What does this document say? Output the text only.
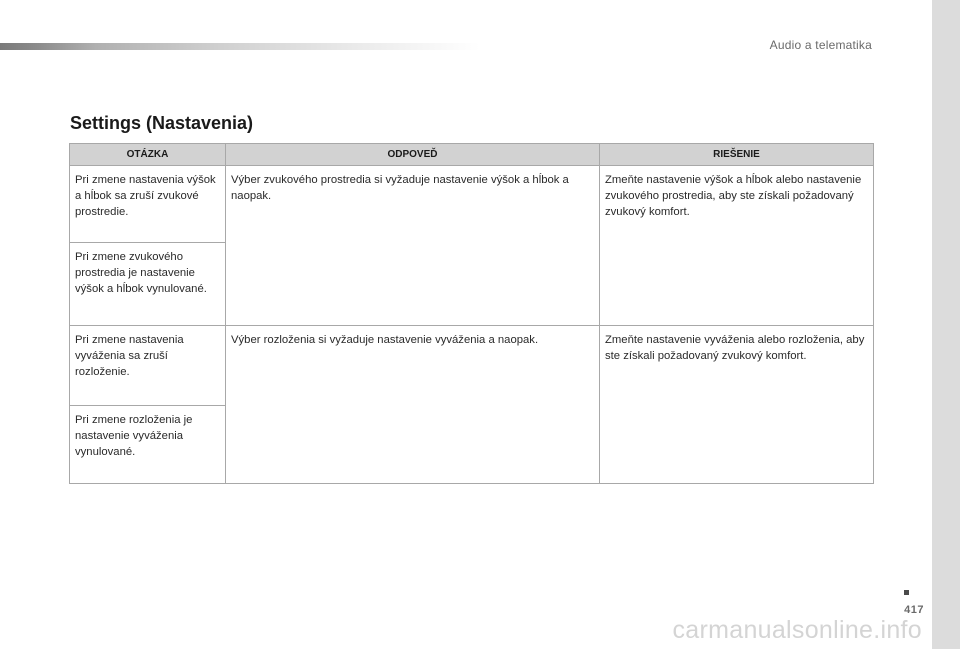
Audio a telematika
Settings (Nastavenia)
OTÁZKA	ODPOVEĎ	RIEŠENIE
Pri zmene nastavenia výšok a hĺbok sa zruší zvukové prostredie.	Výber zvukového prostredia si vyžaduje nastavenie výšok a hĺbok a naopak.	Zmeňte nastavenie výšok a hĺbok alebo nastavenie zvukového prostredia, aby ste získali požadovaný zvukový komfort.
Pri zmene zvukového prostredia je nastavenie výšok a hĺbok vynulované.		
Pri zmene nastavenia vyváženia sa zruší rozloženie.	Výber rozloženia si vyžaduje nastavenie vyváženia a naopak.	Zmeňte nastavenie vyváženia alebo rozloženia, aby ste získali požadovaný zvukový komfort.
Pri zmene rozloženia je nastavenie vyváženia vynulované.		
417
carmanualsonline.info
